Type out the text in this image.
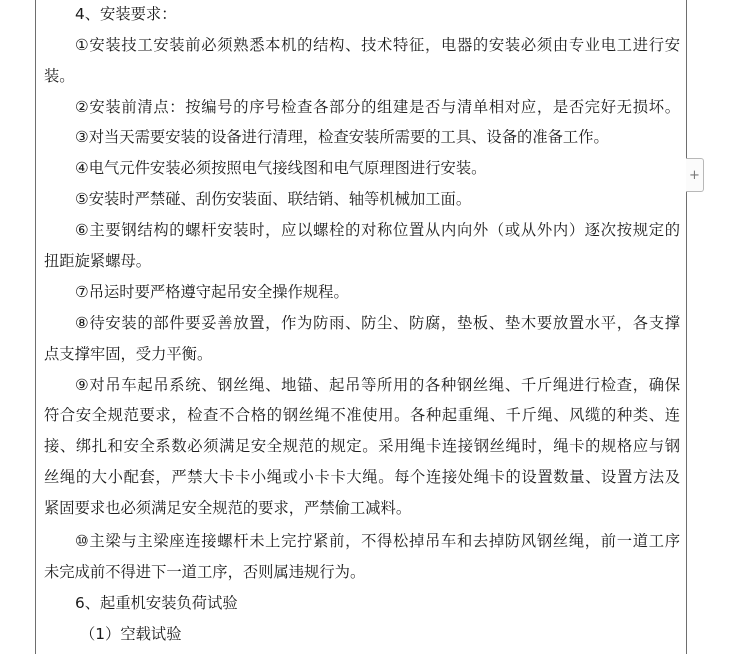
4、安装要求：
①安装技工安装前必须熟悉本机的结构、技术特征，电器的安装必须由专业电工进行安
装。
②安装前清点：按编号的序号检查各部分的组建是否与清单相对应，是否完好无损坏。
③对当天需要安装的设备进行清理，检查安装所需要的工具、设备的准备工作。
④电气元件安装必须按照电气接线图和电气原理图进行安装。
⑤安装时严禁碰、刮伤安装面、联结销、轴等机械加工面。
⑥主要钢结构的螺杆安装时，应以螺栓的对称位置从内向外（或从外内）逐次按规定的
扭距旋紧螺母。
⑦吊运时要严格遵守起吊安全操作规程。
⑧待安装的部件要妥善放置，作为防雨、防尘、防腐，垫板、垫木要放置水平，各支撑
点支撑牢固，受力平衡。
⑨对吊车起吊系统、钢丝绳、地锚、起吊等所用的各种钢丝绳、千斤绳进行检查，确保
符合安全规范要求，检查不合格的钢丝绳不准使用。各种起重绳、千斤绳、风缆的种类、连
接、绑扎和安全系数必须满足安全规范的规定。采用绳卡连接钢丝绳时，绳卡的规格应与钢
丝绳的大小配套，严禁大卡卡小绳或小卡卡大绳。每个连接处绳卡的设置数量、设置方法及
紧固要求也必须满足安全规范的要求，严禁偷工减料。
⑩主梁与主梁座连接螺杆未上完拧紧前，不得松掉吊车和去掉防风钢丝绳，前一道工序
未完成前不得进下一道工序，否则属违规行为。
6、起重机安装负荷试验
（1）空载试验
+
